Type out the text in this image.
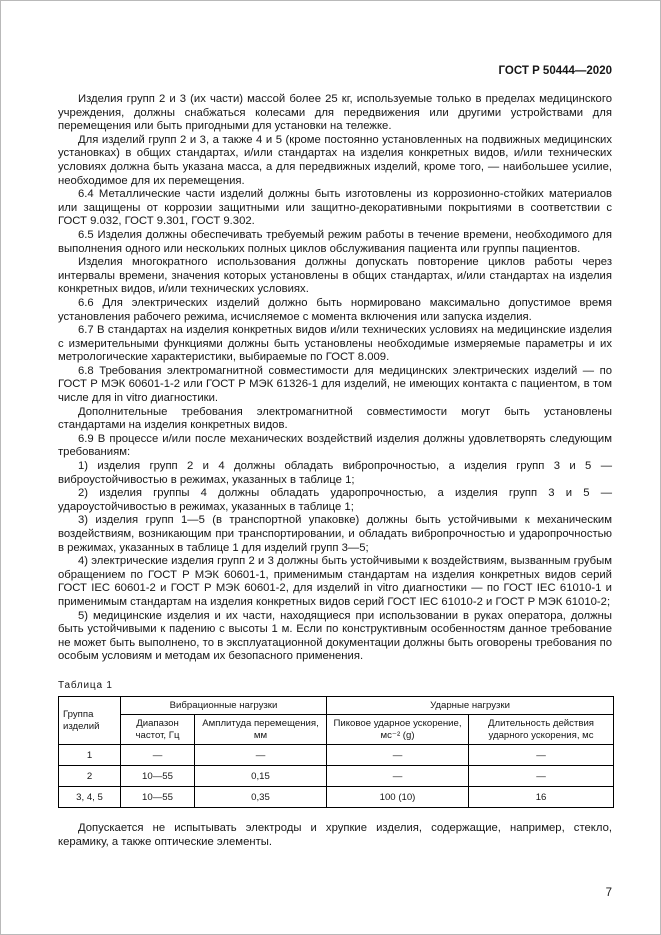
ГОСТ Р 50444—2020

Изделия групп 2 и 3 (их части) массой более 25 кг, используемые только в пределах медицинского учреждения, должны снабжаться колесами для передвижения или другими устройствами для перемещения или быть пригодными для установки на тележке.

Для изделий групп 2 и 3, а также 4 и 5 (кроме постоянно установленных на подвижных медицинских установках) в общих стандартах, и/или стандартах на изделия конкретных видов, и/или технических условиях должна быть указана масса, а для передвижных изделий, кроме того, — наибольшее усилие, необходимое для их перемещения.

6.4 Металлические части изделий должны быть изготовлены из коррозионно-стойких материалов или защищены от коррозии защитными или защитно-декоративными покрытиями в соответствии с ГОСТ 9.032, ГОСТ 9.301, ГОСТ 9.302.

6.5 Изделия должны обеспечивать требуемый режим работы в течение времени, необходимого для выполнения одного или нескольких полных циклов обслуживания пациента или группы пациентов.

Изделия многократного использования должны допускать повторение циклов работы через интервалы времени, значения которых установлены в общих стандартах, и/или стандартах на изделия конкретных видов, и/или технических условиях.

6.6 Для электрических изделий должно быть нормировано максимально допустимое время установления рабочего режима, исчисляемое с момента включения или запуска изделия.

6.7 В стандартах на изделия конкретных видов и/или технических условиях на медицинские изделия с измерительными функциями должны быть установлены необходимые измеряемые параметры и их метрологические характеристики, выбираемые по ГОСТ 8.009.

6.8 Требования электромагнитной совместимости для медицинских электрических изделий — по ГОСТ Р МЭК 60601-1-2 или ГОСТ Р МЭК 61326-1 для изделий, не имеющих контакта с пациентом, в том числе для in vitro диагностики.

Дополнительные требования электромагнитной совместимости могут быть установлены стандартами на изделия конкретных видов.

6.9 В процессе и/или после механических воздействий изделия должны удовлетворять следующим требованиям:

1) изделия групп 2 и 4 должны обладать вибропрочностью, а изделия групп 3 и 5 — виброустойчивостью в режимах, указанных в таблице 1;

2) изделия группы 4 должны обладать ударопрочностью, а изделия групп 3 и 5 — удароустойчивостью в режимах, указанных в таблице 1;

3) изделия групп 1—5 (в транспортной упаковке) должны быть устойчивыми к механическим воздействиям, возникающим при транспортировании, и обладать вибропрочностью и ударопрочностью в режимах, указанных в таблице 1 для изделий групп 3—5;

4) электрические изделия групп 2 и 3 должны быть устойчивыми к воздействиям, вызванным грубым обращением по ГОСТ Р МЭК 60601-1, применимым стандартам на изделия конкретных видов серий ГОСТ IEC 60601-2 и ГОСТ Р МЭК 60601-2, для изделий in vitro диагностики — по ГОСТ IEC 61010-1 и применимым стандартам на изделия конкретных видов серий ГОСТ IEC 61010-2 и ГОСТ Р МЭК 61010-2;

5) медицинские изделия и их части, находящиеся при использовании в руках оператора, должны быть устойчивыми к падению с высоты 1 м. Если по конструктивным особенностям данное требование не может быть выполнено, то в эксплуатационной документации должны быть оговорены требования по особым условиям и методам их безопасного применения.

Таблица 1
Группа изделий	Вибрационные нагрузки		Ударные нагрузки	
	Диапазон частот, Гц	Амплитуда перемещения, мм	Пиковое ударное ускорение, мс⁻² (g)	Длительность действия ударного ускорения, мс
1	—	—	—	—
2	10—55	0,15	—	—
3, 4, 5	10—55	0,35	100 (10)	16

Допускается не испытывать электроды и хрупкие изделия, содержащие, например, стекло, керамику, а также оптические элементы.

7
